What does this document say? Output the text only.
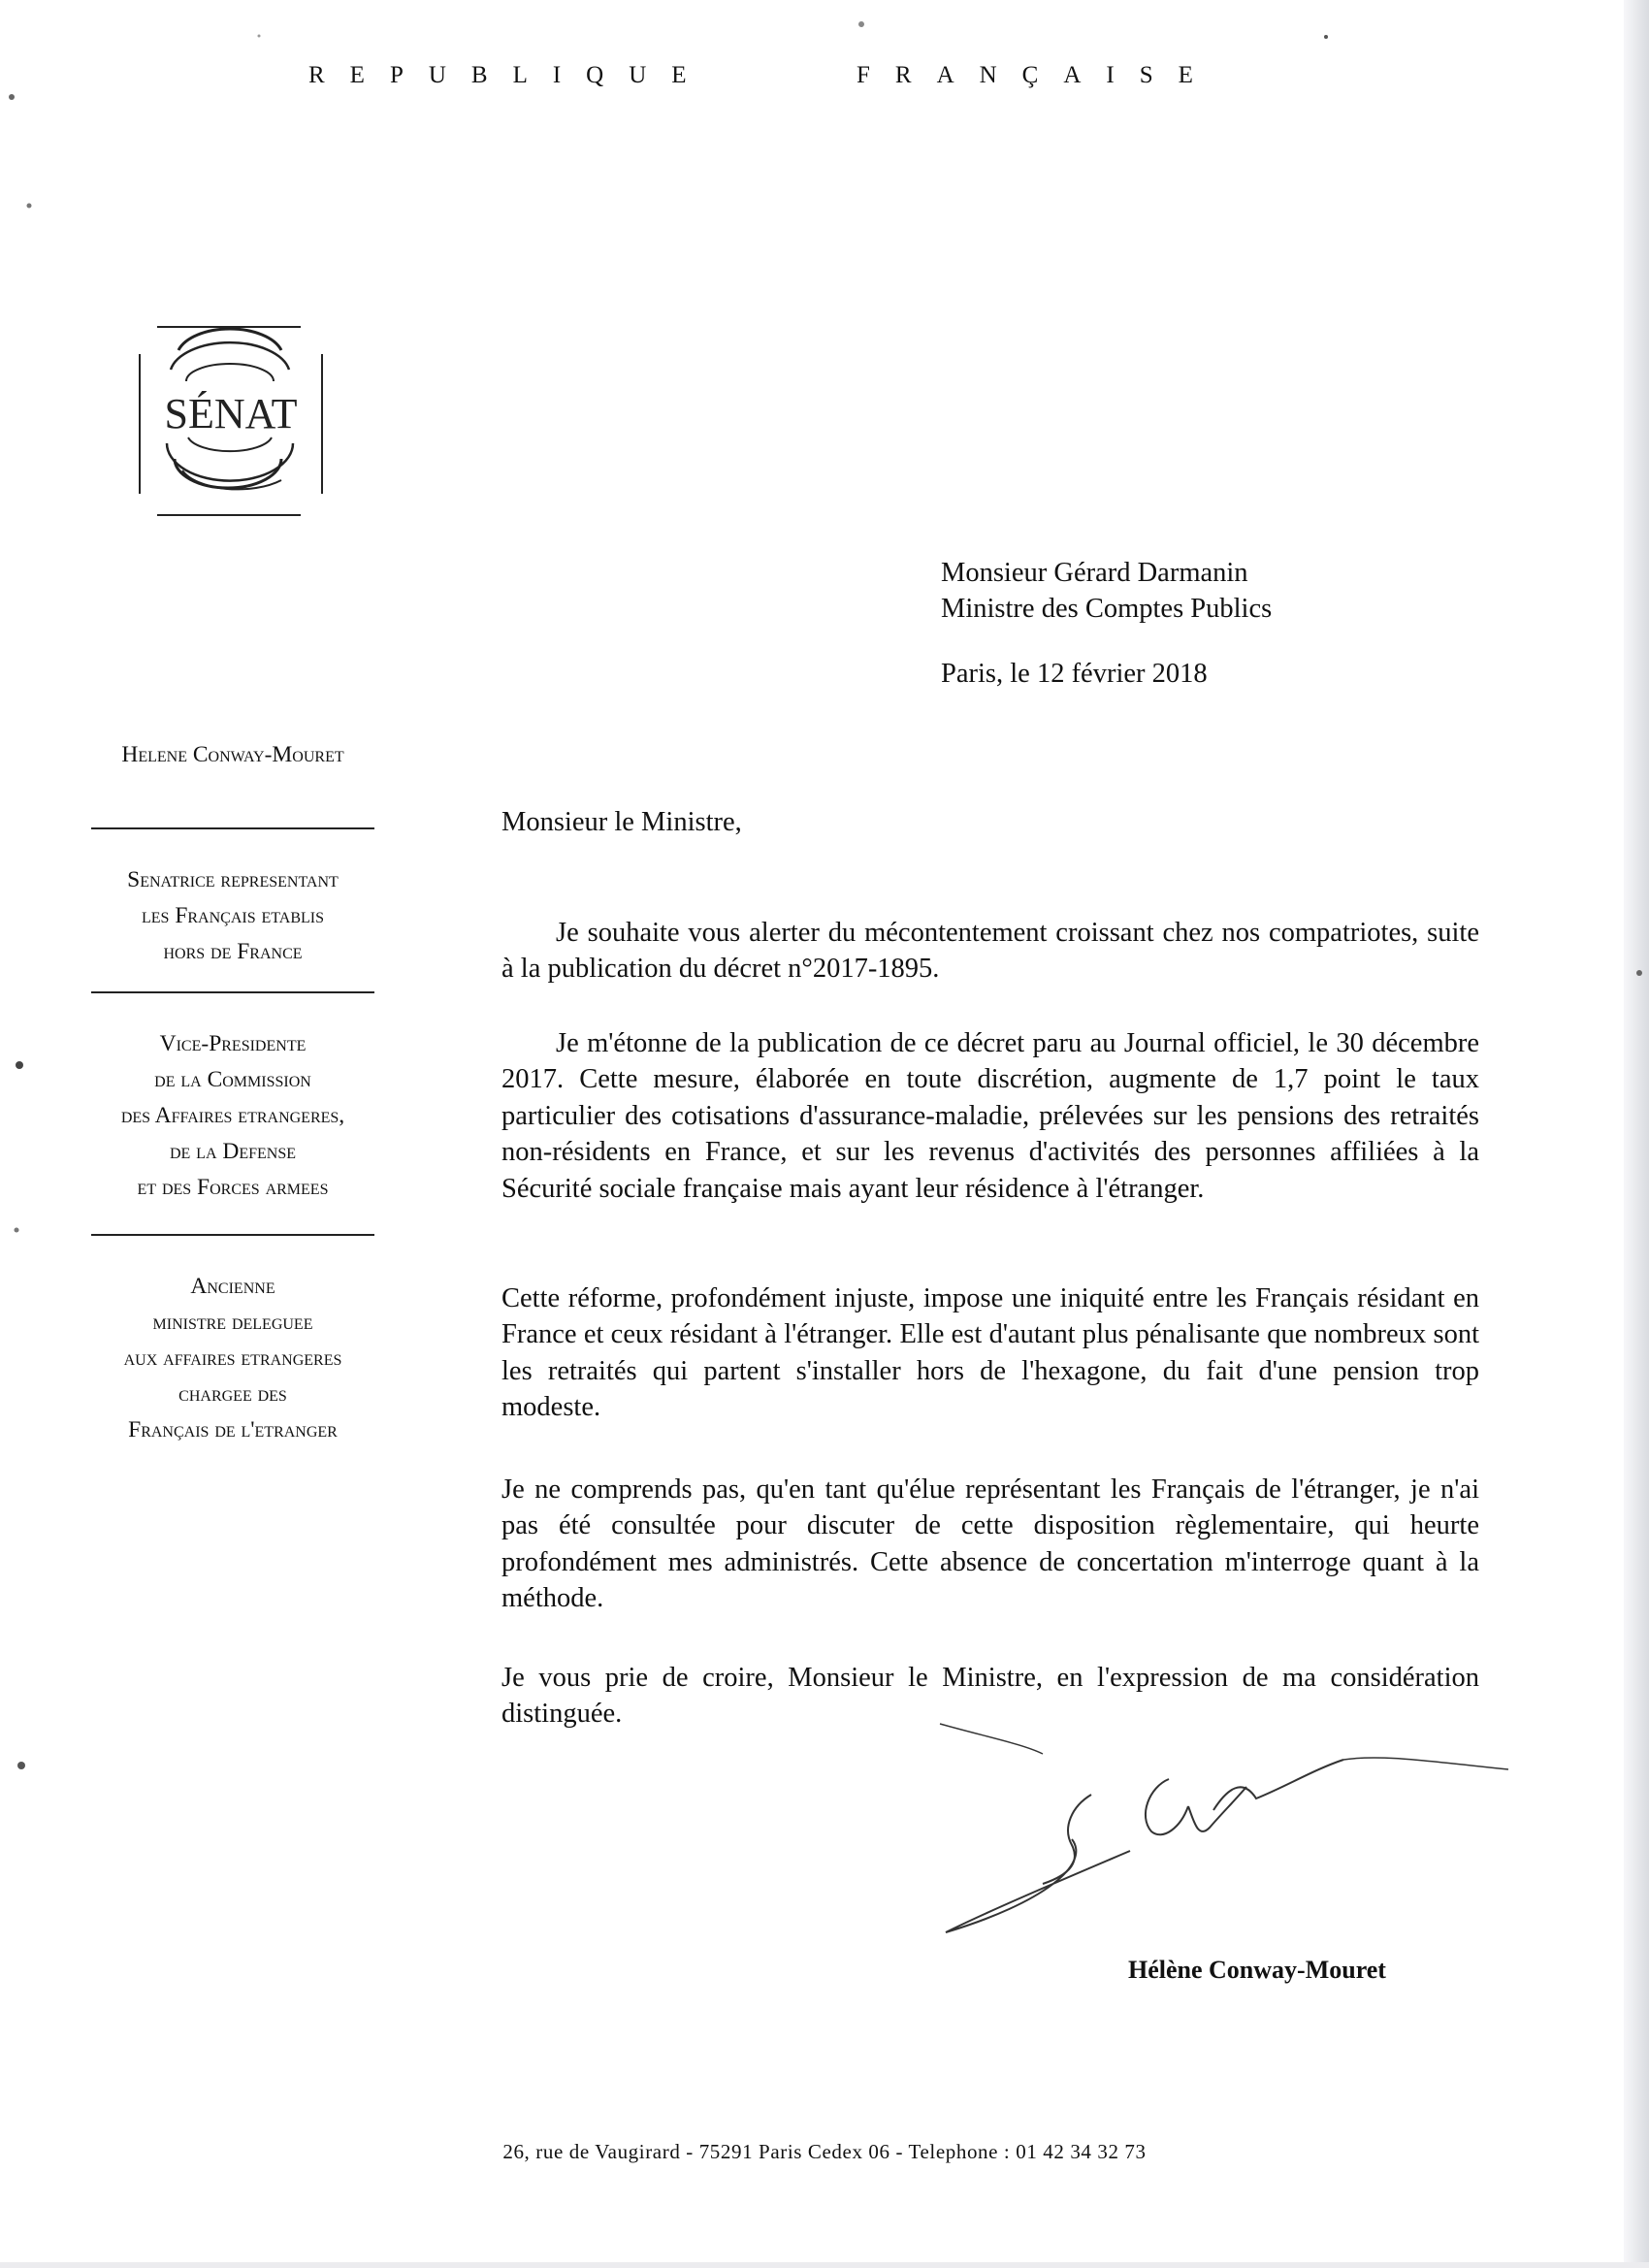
REPUBLIQUE	FRANÇAISE
SÉNAT
Monsieur Gérard Darmanin
Ministre des Comptes Publics
Paris, le 12 février 2018
Helene Conway-Mouret
Senatrice representant
les Français etablis
hors de France
Vice-Presidente
de la Commission
des Affaires etrangeres,
de la Defense
et des Forces armees
Ancienne
ministre deleguee
aux affaires etrangeres
chargee des
Français de l'etranger
Monsieur le Ministre,

Je souhaite vous alerter du mécontentement croissant chez nos compatriotes, suite à la publication du décret n°2017-1895.

Je m'étonne de la publication de ce décret paru au Journal officiel, le 30 décembre 2017. Cette mesure, élaborée en toute discrétion, augmente de 1,7 point le taux particulier des cotisations d'assurance-maladie, prélevées sur les pensions des retraités non-résidents en France, et sur les revenus d'activités des personnes affiliées à la Sécurité sociale française mais ayant leur résidence à l'étranger.

Cette réforme, profondément injuste, impose une iniquité entre les Français résidant en France et ceux résidant à l'étranger. Elle est d'autant plus pénalisante que nombreux sont les retraités qui partent s'installer hors de l'hexagone, du fait d'une pension trop modeste.

Je ne comprends pas, qu'en tant qu'élue représentant les Français de l'étranger, je n'ai pas été consultée pour discuter de cette disposition règlementaire, qui heurte profondément mes administrés. Cette absence de concertation m'interroge quant à la méthode.

Je vous prie de croire, Monsieur le Ministre, en l'expression de ma considération distinguée.

Hélène Conway-Mouret
26, rue de Vaugirard - 75291 Paris Cedex 06 - Telephone : 01 42 34 32 73
